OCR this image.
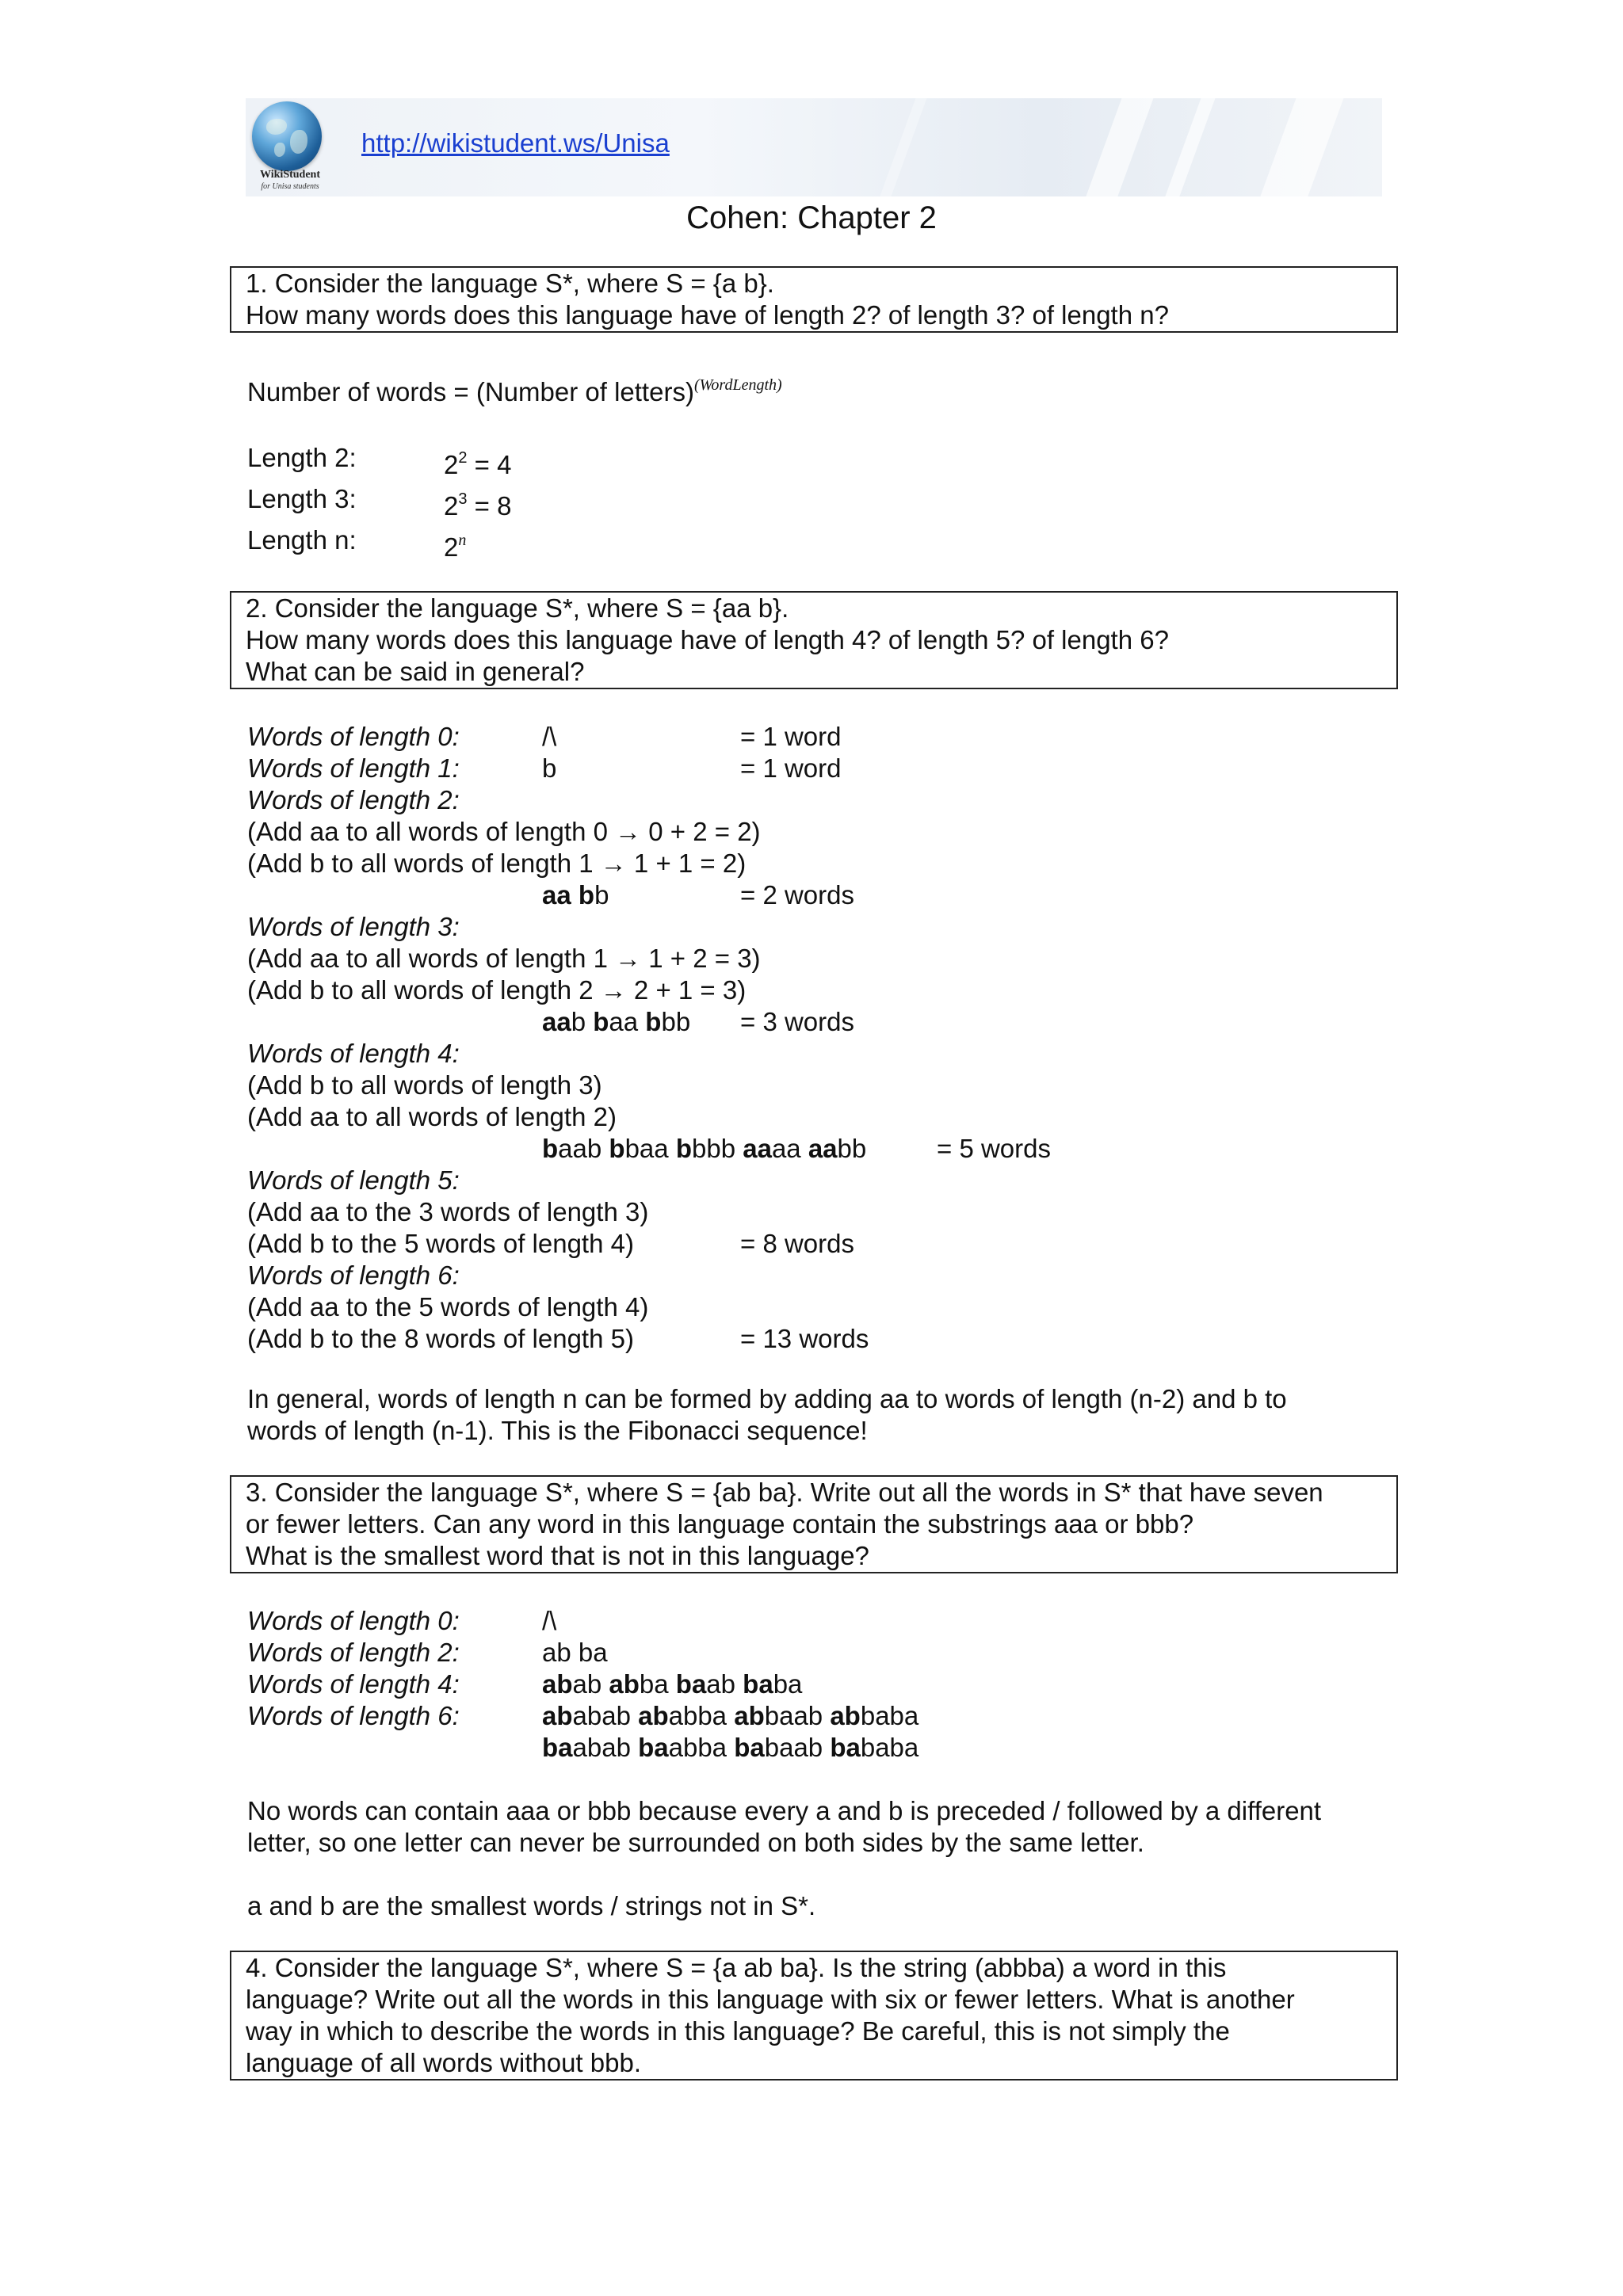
WikiStudent
for Unisa students
http://wikistudent.ws/Unisa
Cohen: Chapter 2
1. Consider the language S*, where S = {a b}.
How many words does this language have of length 2? of length 3? of length n?
Number of words = (Number of letters)$^{(WordLength)}$
Length 2:	$2^2 = 4$
Length 3:	$2^3 = 8$
Length n:	2$^n$
2. Consider the language S*, where S = {aa b}.
How many words does this language have of length 4? of length 5? of length 6?
What can be said in general?
Words of length 0:	/\	= 1 word
Words of length 1:	b	= 1 word
Words of length 2:
(Add aa to all words of length 0 → 0 + 2 = 2)
(Add b to all words of length 1 → 1 + 1 = 2)
aa bb	= 2 words
Words of length 3:
(Add aa to all words of length 1 → 1 + 2 = 3)
(Add b to all words of length 2 → 2 + 1 = 3)
aab baa bbb = 3 words
Words of length 4:
(Add b to all words of length 3)
(Add aa to all words of length 2)
baab bbaa bbbb aaaa aabb	= 5 words
Words of length 5:
(Add aa to the 3 words of length 3)
(Add b to the 5 words of length 4)	= 8 words
Words of length 6:
(Add aa to the 5 words of length 4)
(Add b to the 8 words of length 5)	= 13 words
In general, words of length n can be formed by adding aa to words of length (n-2) and b to
words of length (n-1). This is the Fibonacci sequence!
3. Consider the language S*, where S = {ab ba}. Write out all the words in S* that have seven
or fewer letters. Can any word in this language contain the substrings aaa or bbb?
What is the smallest word that is not in this language?
Words of length 0:	/\
Words of length 2:	ab ba
Words of length 4:	abab abba baab baba
Words of length 6:	ababab ababba abbaab abbaba
baabab baabba babaab bababa
No words can contain aaa or bbb because every a and b is preceded / followed by a different
letter, so one letter can never be surrounded on both sides by the same letter.
a and b are the smallest words / strings not in S*.
4. Consider the language S*, where S = {a ab ba}. Is the string (abbba) a word in this
language? Write out all the words in this language with six or fewer letters. What is another
way in which to describe the words in this language? Be careful, this is not simply the
language of all words without bbb.
